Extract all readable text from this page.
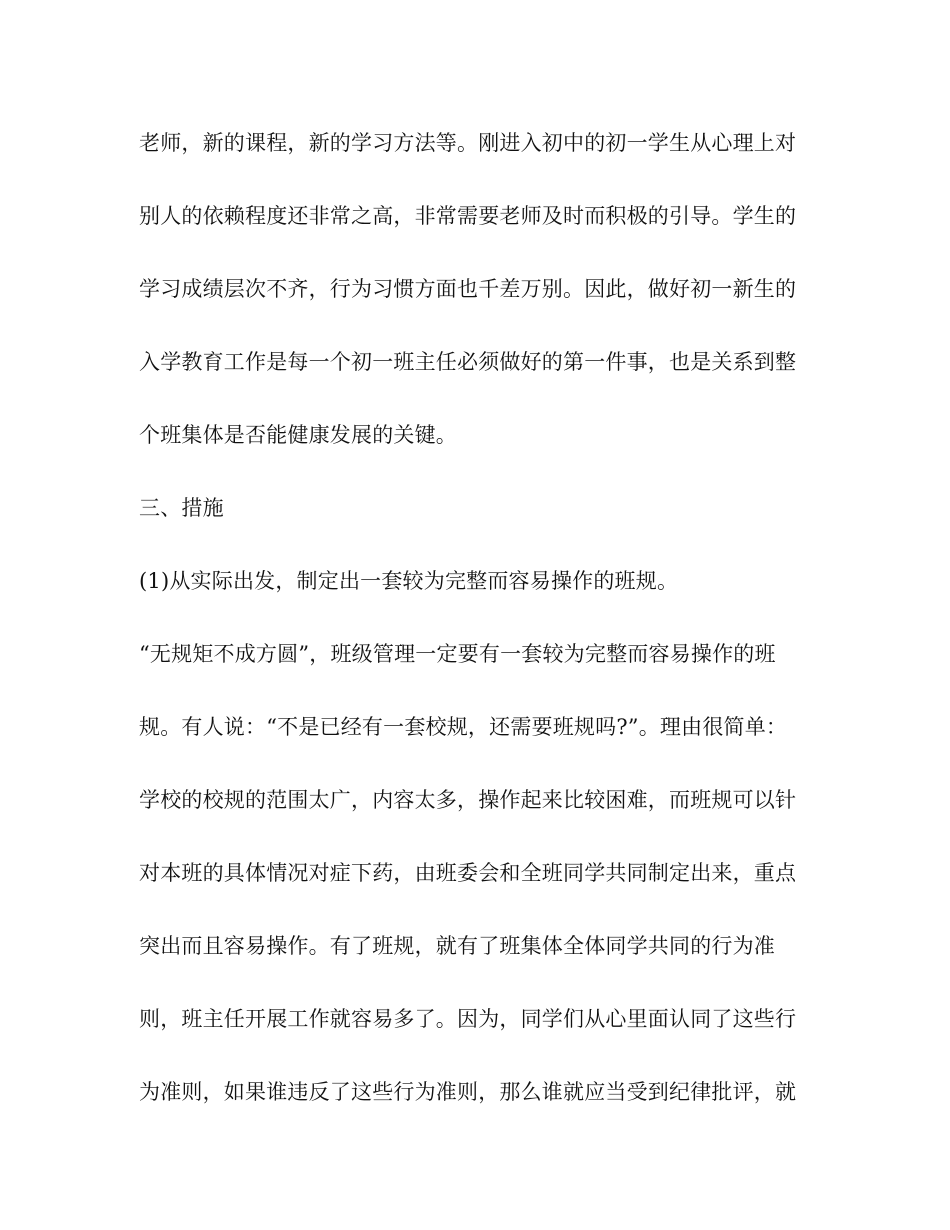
老师，新的课程，新的学习方法等。刚进入初中的初一学生从心理上对
别人的依赖程度还非常之高，非常需要老师及时而积极的引导。学生的
学习成绩层次不齐，行为习惯方面也千差万别。因此，做好初一新生的
入学教育工作是每一个初一班主任必须做好的第一件事，也是关系到整
个班集体是否能健康发展的关键。
三、措施
(1)从实际出发，制定出一套较为完整而容易操作的班规。
“无规矩不成方圆”，班级管理一定要有一套较为完整而容易操作的班
规。有人说：“不是已经有一套校规，还需要班规吗?”。理由很简单：
学校的校规的范围太广，内容太多，操作起来比较困难，而班规可以针
对本班的具体情况对症下药，由班委会和全班同学共同制定出来，重点
突出而且容易操作。有了班规，就有了班集体全体同学共同的行为准
则，班主任开展工作就容易多了。因为，同学们从心里面认同了这些行
为准则，如果谁违反了这些行为准则，那么谁就应当受到纪律批评，就
